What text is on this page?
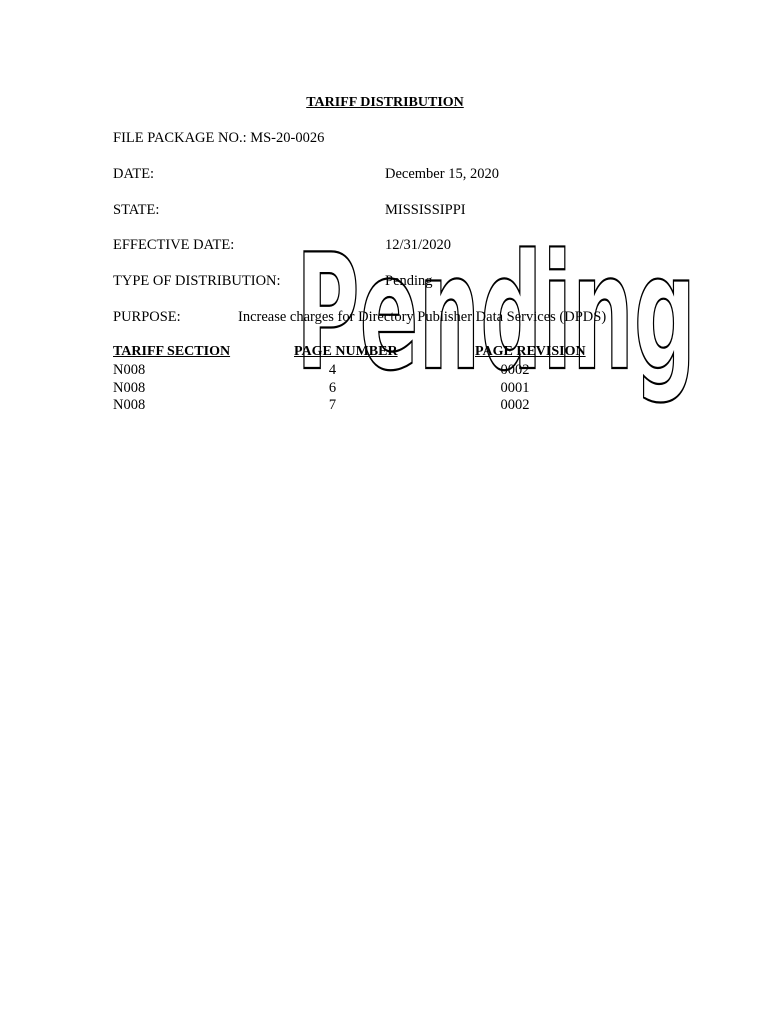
TARIFF DISTRIBUTION
FILE PACKAGE NO.: MS-20-0026
DATE:	December 15, 2020
STATE:	MISSISSIPPI
EFFECTIVE DATE:	12/31/2020
TYPE OF DISTRIBUTION:	Pending
PURPOSE:	Increase charges for Directory Publisher Data Services (DPDS)
TARIFF SECTION	PAGE NUMBER	PAGE REVISION
N008	4	0002
N008	6	0001
N008	7	0002
Pending
